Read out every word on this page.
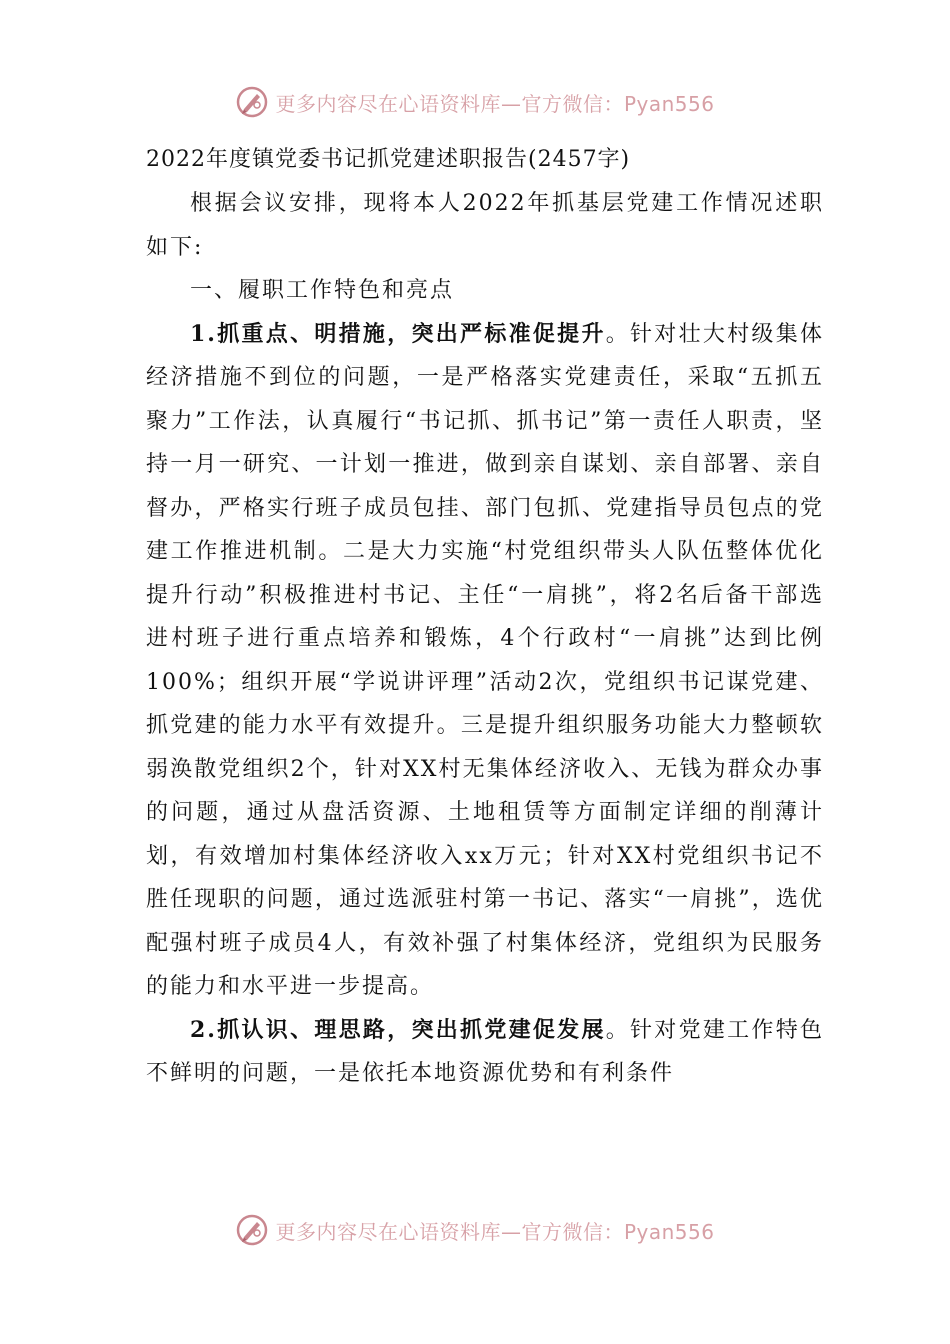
更多内容尽在心语资料库—官方微信：Pyan556

2022年度镇党委书记抓党建述职报告(2457字)

根据会议安排，现将本人2022年抓基层党建工作情况述职如下:

一、履职工作特色和亮点

1.抓重点、明措施，突出严标准促提升。针对壮大村级集体经济措施不到位的问题，一是严格落实党建责任，采取“五抓五聚力”工作法，认真履行“书记抓、抓书记”第一责任人职责，坚持一月一研究、一计划一推进，做到亲自谋划、亲自部署、亲自督办，严格实行班子成员包挂、部门包抓、党建指导员包点的党建工作推进机制。二是大力实施“村党组织带头人队伍整体优化提升行动”积极推进村书记、主任“一肩挑”，将2名后备干部选进村班子进行重点培养和锻炼，4个行政村“一肩挑”达到比例100%；组织开展“学说讲评理”活动2次，党组织书记谋党建、抓党建的能力水平有效提升。三是提升组织服务功能大力整顿软弱涣散党组织2个，针对XX村无集体经济收入、无钱为群众办事的问题，通过从盘活资源、土地租赁等方面制定详细的削薄计划，有效增加村集体经济收入xx万元；针对XX村党组织书记不胜任现职的问题，通过选派驻村第一书记、落实“一肩挑”，选优配强村班子成员4人，有效补强了村集体经济，党组织为民服务的能力和水平进一步提高。

2.抓认识、理思路，突出抓党建促发展。针对党建工作特色不鲜明的问题，一是依托本地资源优势和有利条件

更多内容尽在心语资料库—官方微信：Pyan556
